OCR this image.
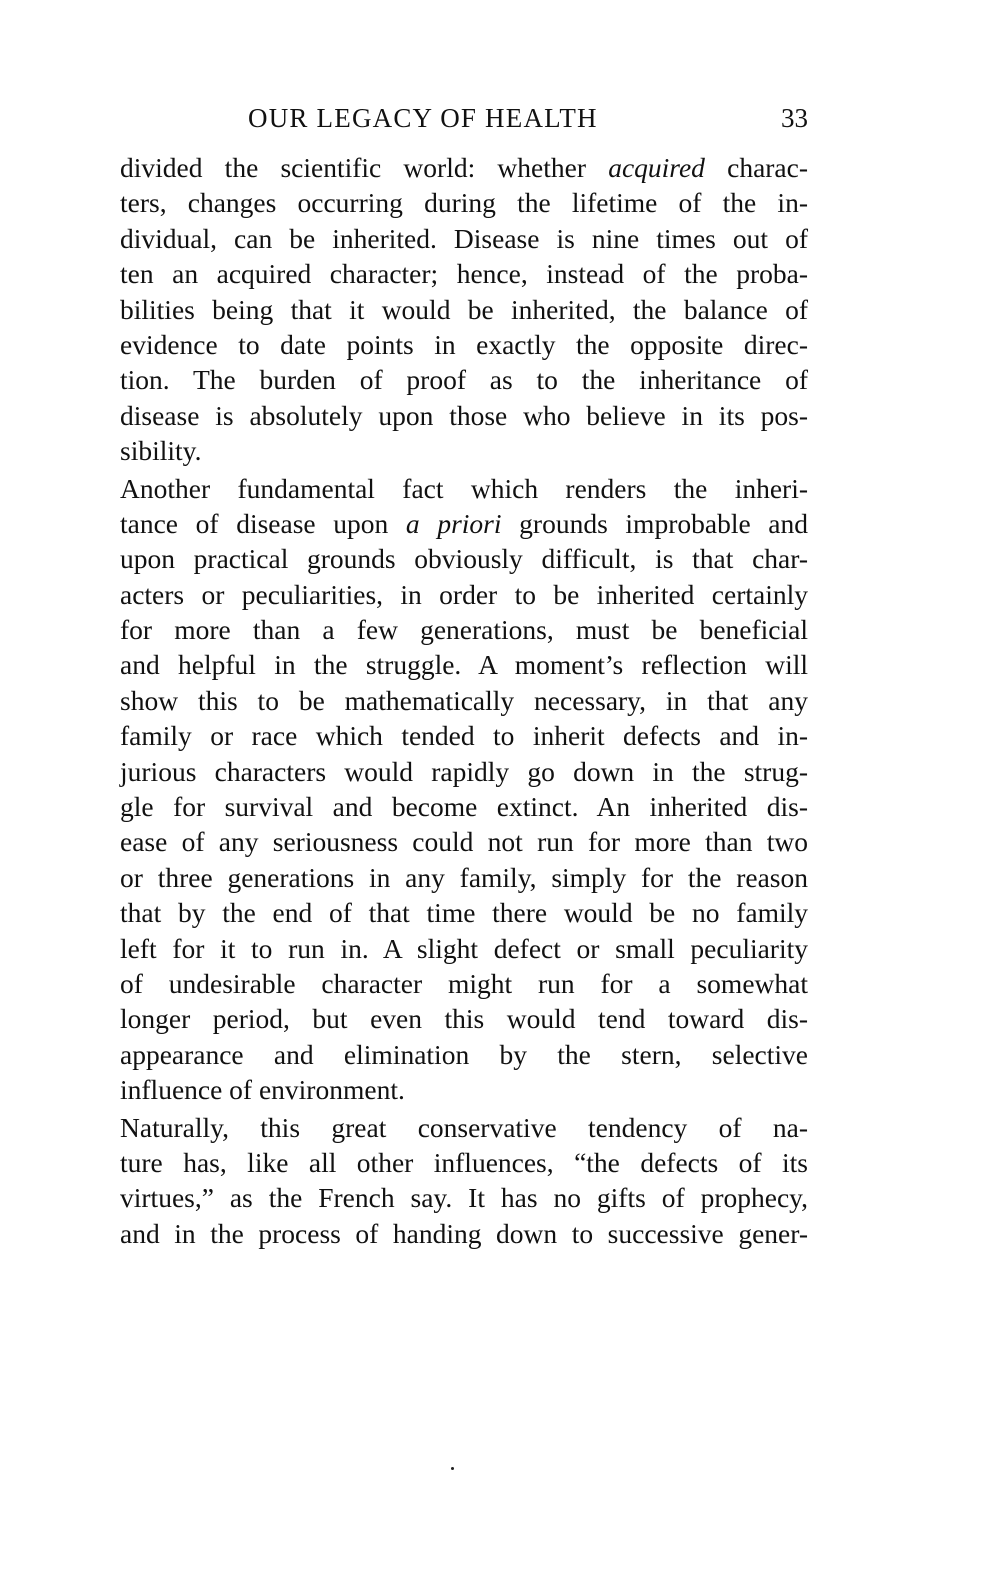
OUR LEGACY OF HEALTH	33
divided the scientific world: whether acquired charac-
ters, changes occurring during the lifetime of the in-
dividual, can be inherited. Disease is nine times out of
ten an acquired character; hence, instead of the proba-
bilities being that it would be inherited, the balance of
evidence to date points in exactly the opposite direc-
tion. The burden of proof as to the inheritance of
disease is absolutely upon those who believe in its pos-
sibility.
Another fundamental fact which renders the inheri-
tance of disease upon a priori grounds improbable and
upon practical grounds obviously difficult, is that char-
acters or peculiarities, in order to be inherited certainly
for more than a few generations, must be beneficial
and helpful in the struggle. A moment’s reflection will
show this to be mathematically necessary, in that any
family or race which tended to inherit defects and in-
jurious characters would rapidly go down in the strug-
gle for survival and become extinct. An inherited dis-
ease of any seriousness could not run for more than two
or three generations in any family, simply for the reason
that by the end of that time there would be no family
left for it to run in. A slight defect or small peculiarity
of undesirable character might run for a somewhat
longer period, but even this would tend toward dis-
appearance and elimination by the stern, selective
influence of environment.
Naturally, this great conservative tendency of na-
ture has, like all other influences, “the defects of its
virtues,” as the French say. It has no gifts of prophecy,
and in the process of handing down to successive gener-
